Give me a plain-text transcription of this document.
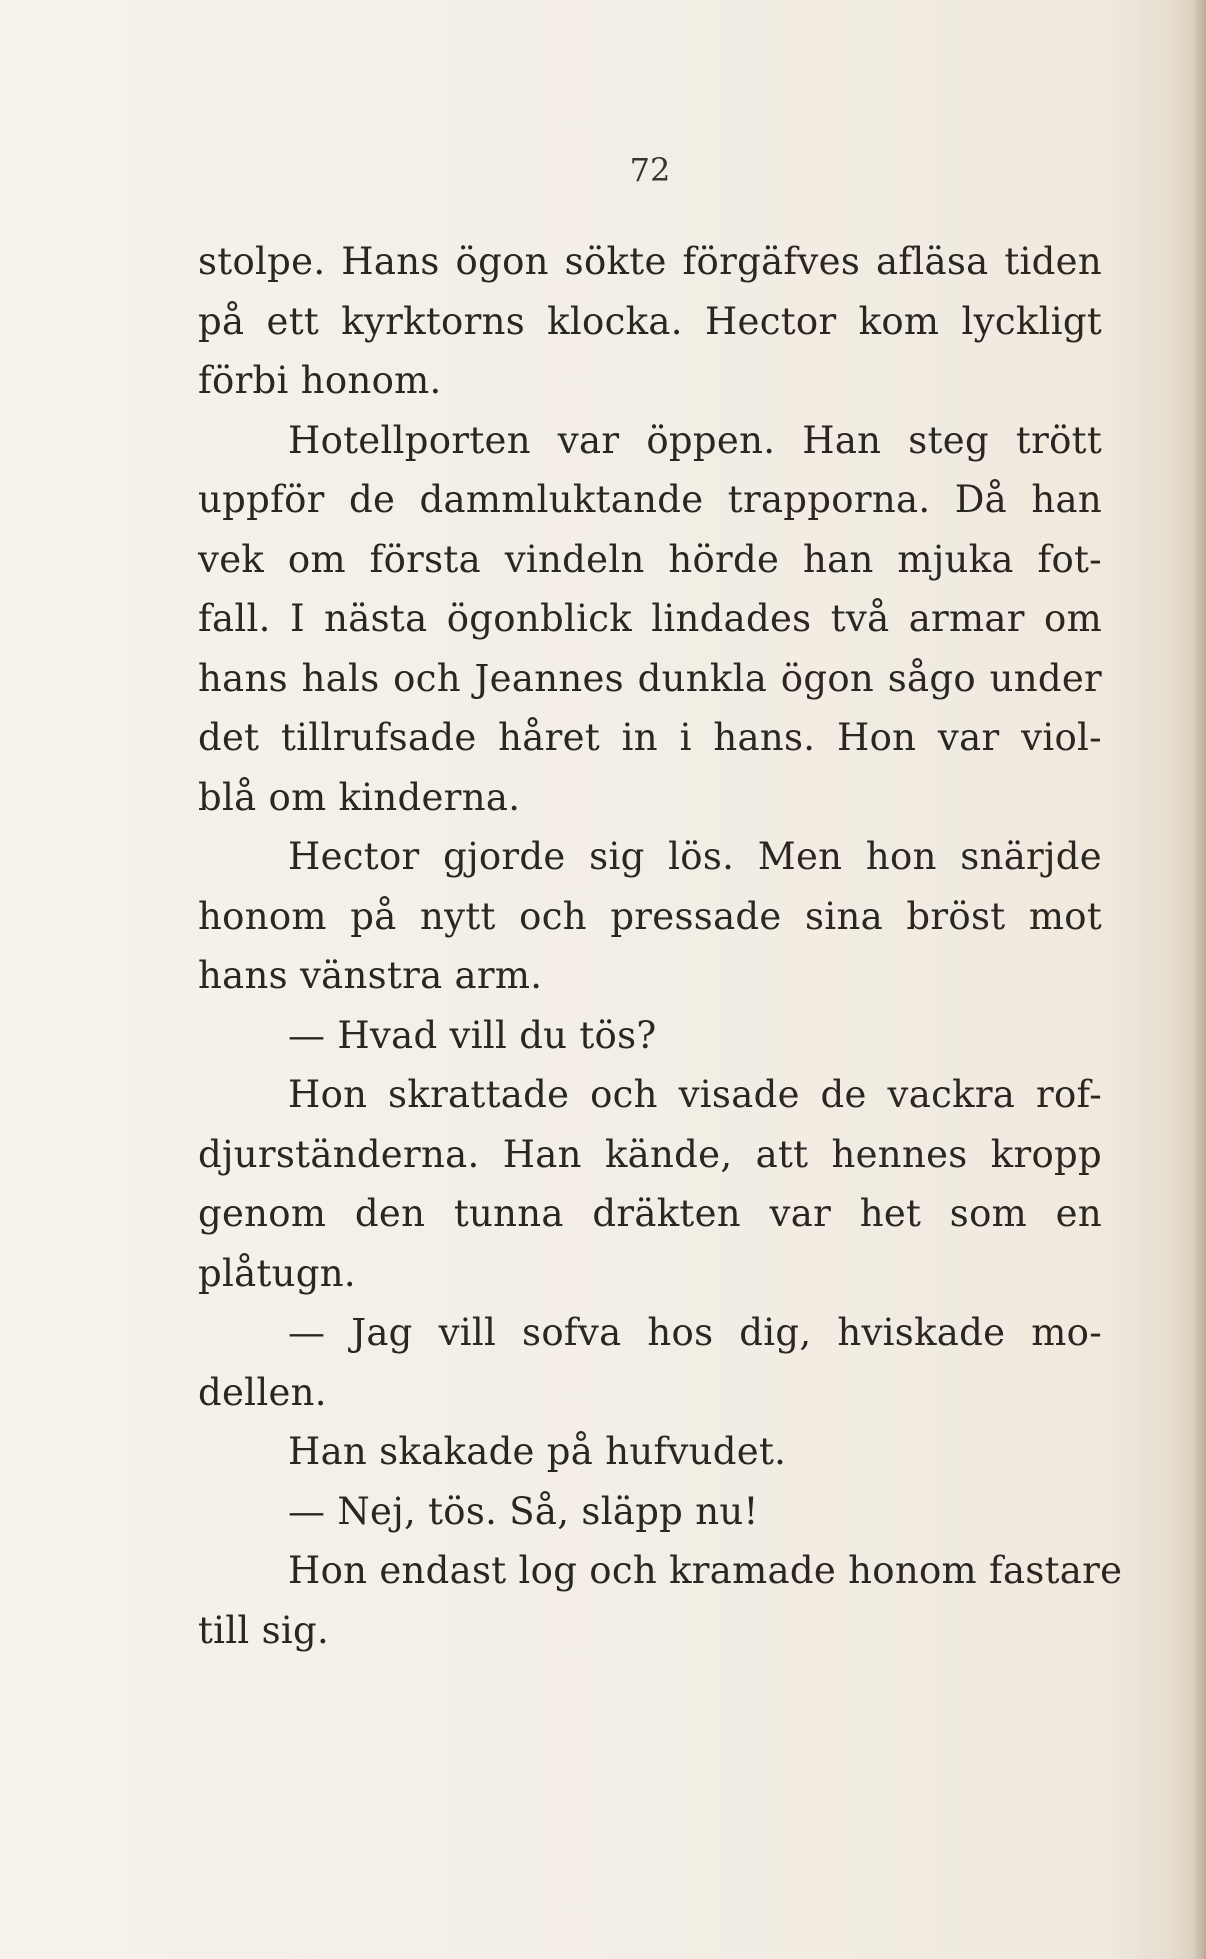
72
stolpe. Hans ögon sökte förgäfves afläsa tiden
på ett kyrktorns klocka. Hector kom lyckligt
förbi honom.
Hotellporten var öppen. Han steg trött
uppför de dammluktande trapporna. Då han
vek om första vindeln hörde han mjuka fot-
fall. I nästa ögonblick lindades två armar om
hans hals och Jeannes dunkla ögon sågo under
det tillrufsade håret in i hans. Hon var viol-
blå om kinderna.
Hector gjorde sig lös. Men hon snärjde
honom på nytt och pressade sina bröst mot
hans vänstra arm.
— Hvad vill du tös?
Hon skrattade och visade de vackra rof-
djurständerna. Han kände, att hennes kropp
genom den tunna dräkten var het som en
plåtugn.
— Jag vill sofva hos dig, hviskade mo-
dellen.
Han skakade på hufvudet.
— Nej, tös. Så, släpp nu!
Hon endast log och kramade honom fastare
till sig.
